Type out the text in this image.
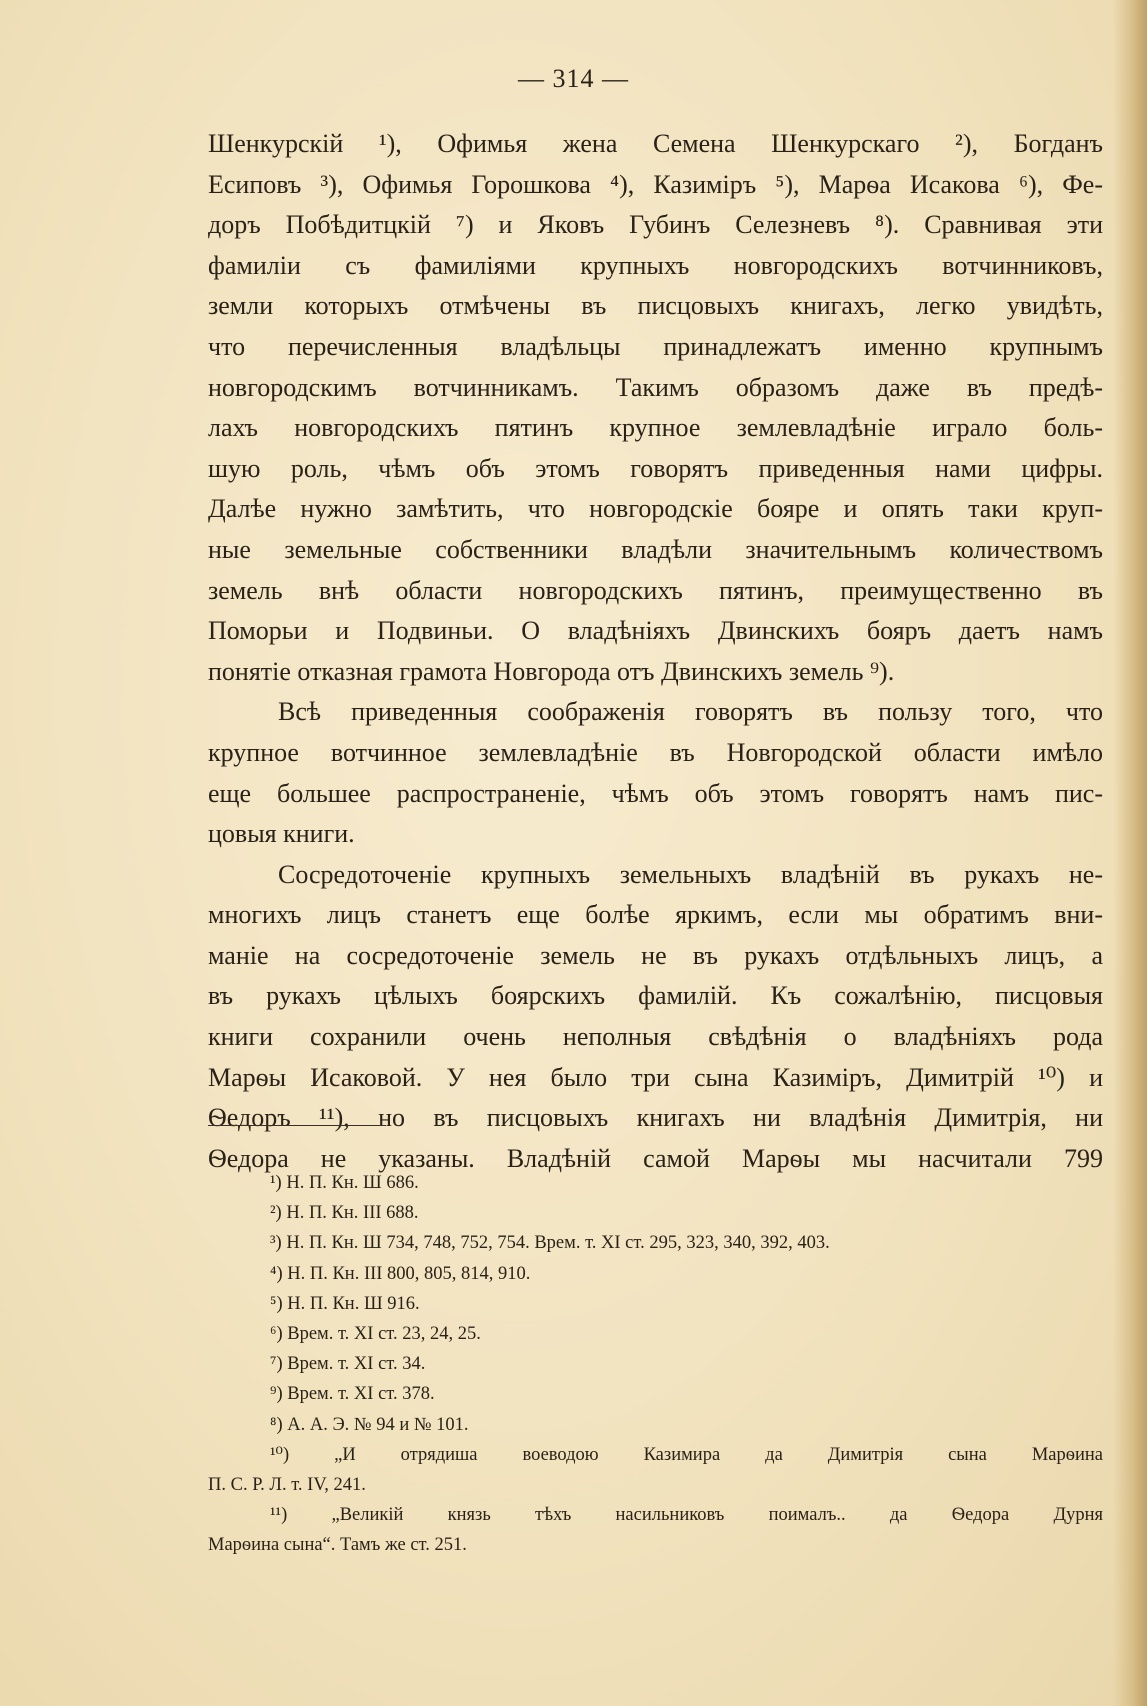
— 314 —
Шенкурскій ¹), Офимья жена Семена Шенкурскаго ²), Богданъ
Есиповъ ³), Офимья Горошкова ⁴), Казиміръ ⁵), Марѳа Исакова ⁶), Фе-
доръ Побѣдитцкій ⁷) и Яковъ Губинъ Селезневъ ⁸). Сравнивая эти
фамиліи съ фамиліями крупныхъ новгородскихъ вотчинниковъ,
земли которыхъ отмѣчены въ писцовыхъ книгахъ, легко увидѣть,
что перечисленныя владѣльцы принадлежатъ именно крупнымъ
новгородскимъ вотчинникамъ. Такимъ образомъ даже въ предѣ-
лахъ новгородскихъ пятинъ крупное землевладѣніе играло боль-
шую роль, чѣмъ объ этомъ говорятъ приведенныя нами цифры.
Далѣе нужно замѣтить, что новгородскіе бояре и опять таки круп-
ные земельные собственники владѣли значительнымъ количествомъ
земель внѣ области новгородскихъ пятинъ, преимущественно въ
Поморьи и Подвиньи. О владѣніяхъ Двинскихъ бояръ даетъ намъ
понятіе отказная грамота Новгорода отъ Двинскихъ земель ⁹).
Всѣ приведенныя соображенія говорятъ въ пользу того, что
крупное вотчинное землевладѣніе въ Новгородской области имѣло
еще большее распространеніе, чѣмъ объ этомъ говорятъ намъ пис-
цовыя книги.
Сосредоточеніе крупныхъ земельныхъ владѣній въ рукахъ не-
многихъ лицъ станетъ еще болѣе яркимъ, если мы обратимъ вни-
маніе на сосредоточеніе земель не въ рукахъ отдѣльныхъ лицъ, а
въ рукахъ цѣлыхъ боярскихъ фамилій. Къ сожалѣнію, писцовыя
книги сохранили очень неполныя свѣдѣнія о владѣніяхъ рода
Марѳы Исаковой. У нея было три сына Казиміръ, Димитрій ¹⁰) и
Ѳедоръ ¹¹), но въ писцовыхъ книгахъ ни владѣнія Димитрія, ни
Ѳедора не указаны. Владѣній самой Марѳы мы насчитали 799
¹) Н. П. Кн. Ш 686.
²) Н. П. Кн. III 688.
³) Н. П. Кн. Ш 734, 748, 752, 754. Врем. т. XI ст. 295, 323, 340, 392, 403.
⁴) Н. П. Кн. III 800, 805, 814, 910.
⁵) Н. П. Кн. Ш 916.
⁶) Врем. т. XI ст. 23, 24, 25.
⁷) Врем. т. XI ст. 34.
⁹) Врем. т. XI ст. 378.
⁸) А. А. Э. № 94 и № 101.
¹⁰) „И отрядиша воеводою Казимира да Димитрія сына Марѳина
П. С. Р. Л. т. IV, 241.
¹¹) „Великій князь тѣхъ насильниковъ поималъ.. да Ѳедора Дурня
Марѳина сына“. Тамъ же ст. 251.
